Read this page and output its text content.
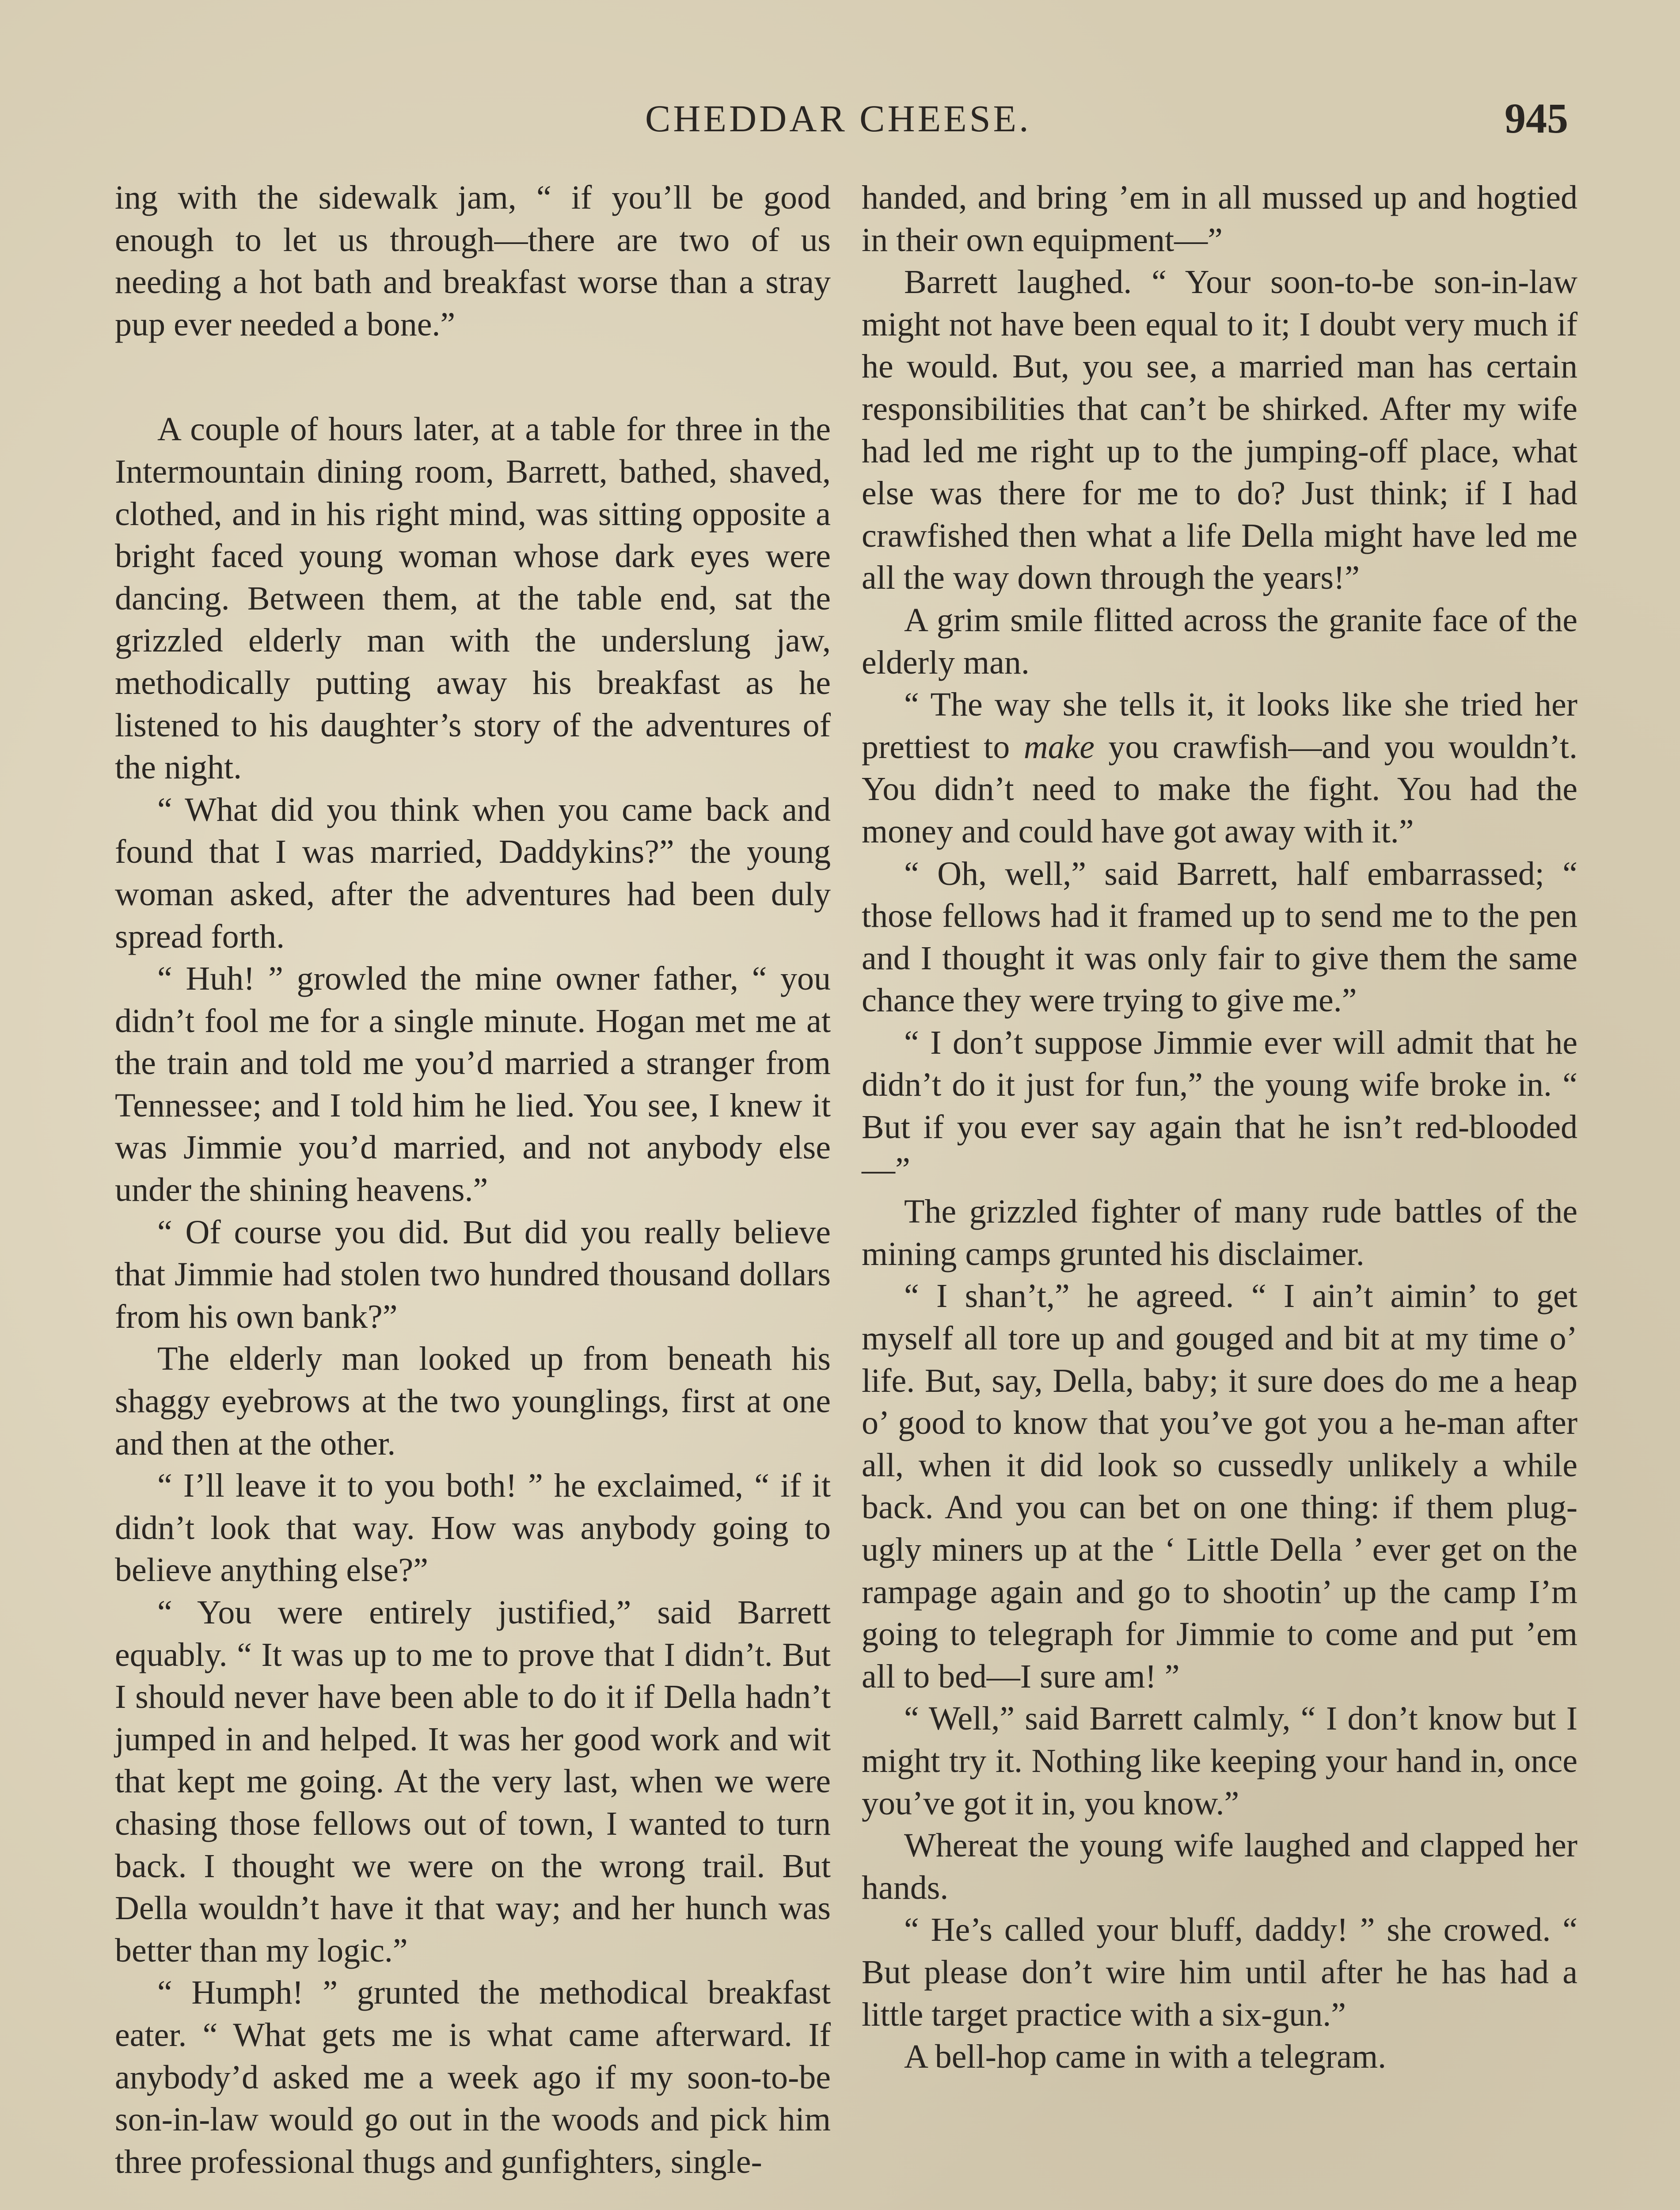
CHEDDAR CHEESE.	945

ing with the sidewalk jam, “ if you’ll be good enough to let us through—there are two of us needing a hot bath and breakfast worse than a stray pup ever needed a bone.”

A couple of hours later, at a table for three in the Intermountain dining room, Barrett, bathed, shaved, clothed, and in his right mind, was sitting opposite a bright faced young woman whose dark eyes were dancing. Between them, at the table end, sat the grizzled elderly man with the underslung jaw, methodically putting away his breakfast as he listened to his daughter’s story of the adventures of the night.

“ What did you think when you came back and found that I was married, Daddykins?” the young woman asked, after the adventures had been duly spread forth.

“ Huh! ” growled the mine owner father, “ you didn’t fool me for a single minute. Hogan met me at the train and told me you’d married a stranger from Tennessee; and I told him he lied. You see, I knew it was Jimmie you’d married, and not anybody else under the shining heavens.”

“ Of course you did. But did you really believe that Jimmie had stolen two hundred thousand dollars from his own bank?”

The elderly man looked up from beneath his shaggy eyebrows at the two younglings, first at one and then at the other.

“ I’ll leave it to you both! ” he exclaimed, “ if it didn’t look that way. How was anybody going to believe anything else?”

“ You were entirely justified,” said Barrett equably. “ It was up to me to prove that I didn’t. But I should never have been able to do it if Della hadn’t jumped in and helped. It was her good work and wit that kept me going. At the very last, when we were chasing those fellows out of town, I wanted to turn back. I thought we were on the wrong trail. But Della wouldn’t have it that way; and her hunch was better than my logic.”

“ Humph! ” grunted the methodical breakfast eater. “ What gets me is what came afterward. If anybody’d asked me a week ago if my soon-to-be son-in-law would go out in the woods and pick him three professional thugs and gunfighters, single-

handed, and bring ’em in all mussed up and hogtied in their own equipment—”

Barrett laughed. “ Your soon-to-be son-in-law might not have been equal to it; I doubt very much if he would. But, you see, a married man has certain responsibilities that can’t be shirked. After my wife had led me right up to the jumping-off place, what else was there for me to do? Just think; if I had crawfished then what a life Della might have led me all the way down through the years!”

A grim smile flitted across the granite face of the elderly man.

“ The way she tells it, it looks like she tried her prettiest to make you crawfish—and you wouldn’t. You didn’t need to make the fight. You had the money and could have got away with it.”

“ Oh, well,” said Barrett, half embarrassed; “ those fellows had it framed up to send me to the pen and I thought it was only fair to give them the same chance they were trying to give me.”

“ I don’t suppose Jimmie ever will admit that he didn’t do it just for fun,” the young wife broke in. “ But if you ever say again that he isn’t red-blooded—”

The grizzled fighter of many rude battles of the mining camps grunted his disclaimer.

“ I shan’t,” he agreed. “ I ain’t aimin’ to get myself all tore up and gouged and bit at my time o’ life. But, say, Della, baby; it sure does do me a heap o’ good to know that you’ve got you a he-man after all, when it did look so cussedly unlikely a while back. And you can bet on one thing: if them plug-ugly miners up at the ‘ Little Della ’ ever get on the rampage again and go to shootin’ up the camp I’m going to telegraph for Jimmie to come and put ’em all to bed—I sure am! ”

“ Well,” said Barrett calmly, “ I don’t know but I might try it. Nothing like keeping your hand in, once you’ve got it in, you know.”

Whereat the young wife laughed and clapped her hands.

“ He’s called your bluff, daddy! ” she crowed. “ But please don’t wire him until after he has had a little target practice with a six-gun.”

A bell-hop came in with a telegram.
